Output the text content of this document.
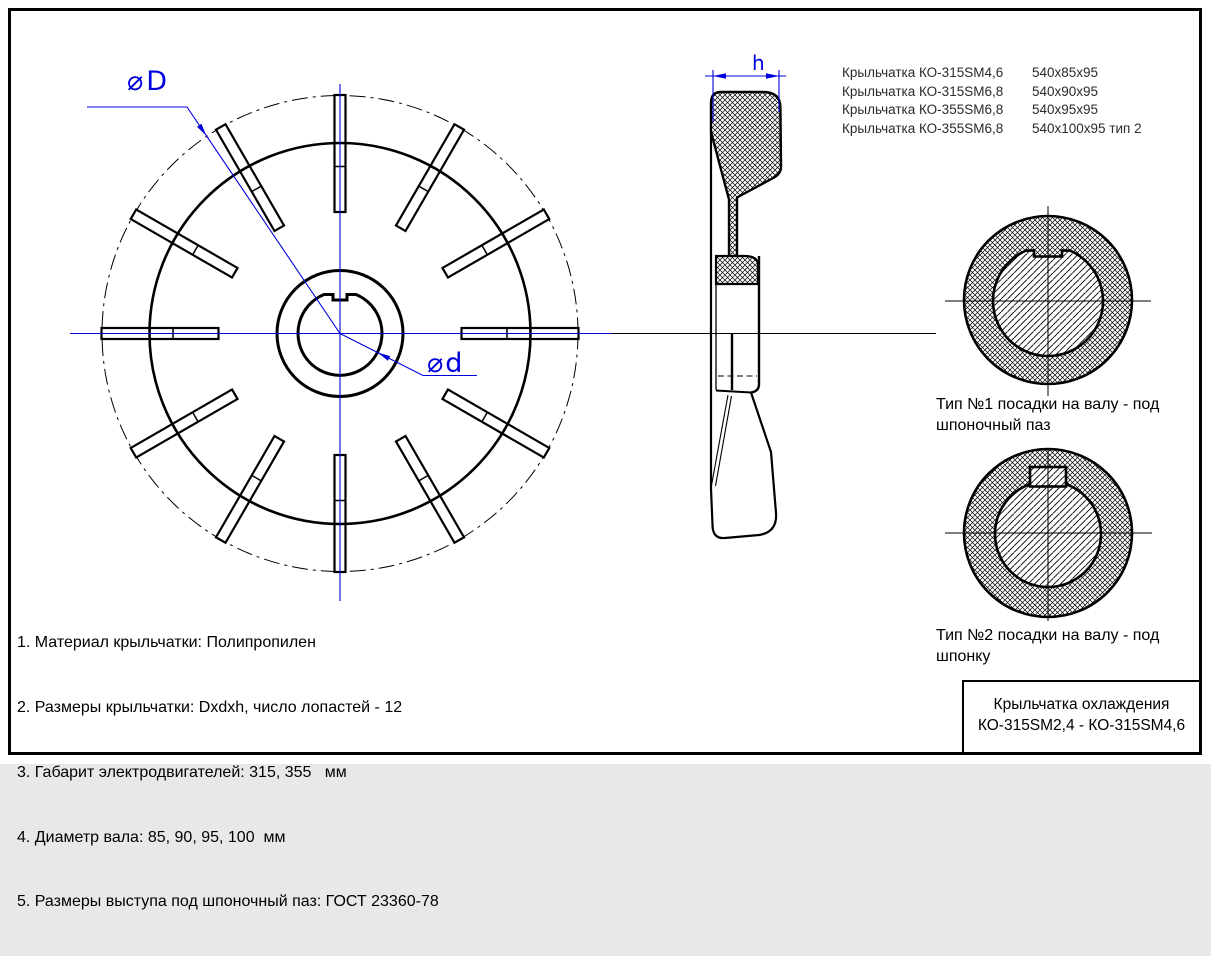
⌀D
⌀d
h	Крыльчатка КО-315SM4,6	540x85x95
Крыльчатка КО-315SM6,8	540x90x95
Крыльчатка КО-355SM6,8	540x95x95
Крыльчатка КО-355SM6,8	540x100x95 тип 2

1. Материал крыльчатки: Полипропилен

2. Размеры крыльчатки: Dxdxh, число лопастей - 12

3. Габарит электродвигателей: 315, 355   мм

4. Диаметр вала: 85, 90, 95, 100  мм

5. Размеры выступа под шпоночный паз: ГОСТ 23360-78

Тип №1 посадки на валу - под
шпоночный паз
Тип №2 посадки на валу - под
шпонку
Крыльчатка охлаждения
КО-315SM2,4 - КО-315SM4,6
